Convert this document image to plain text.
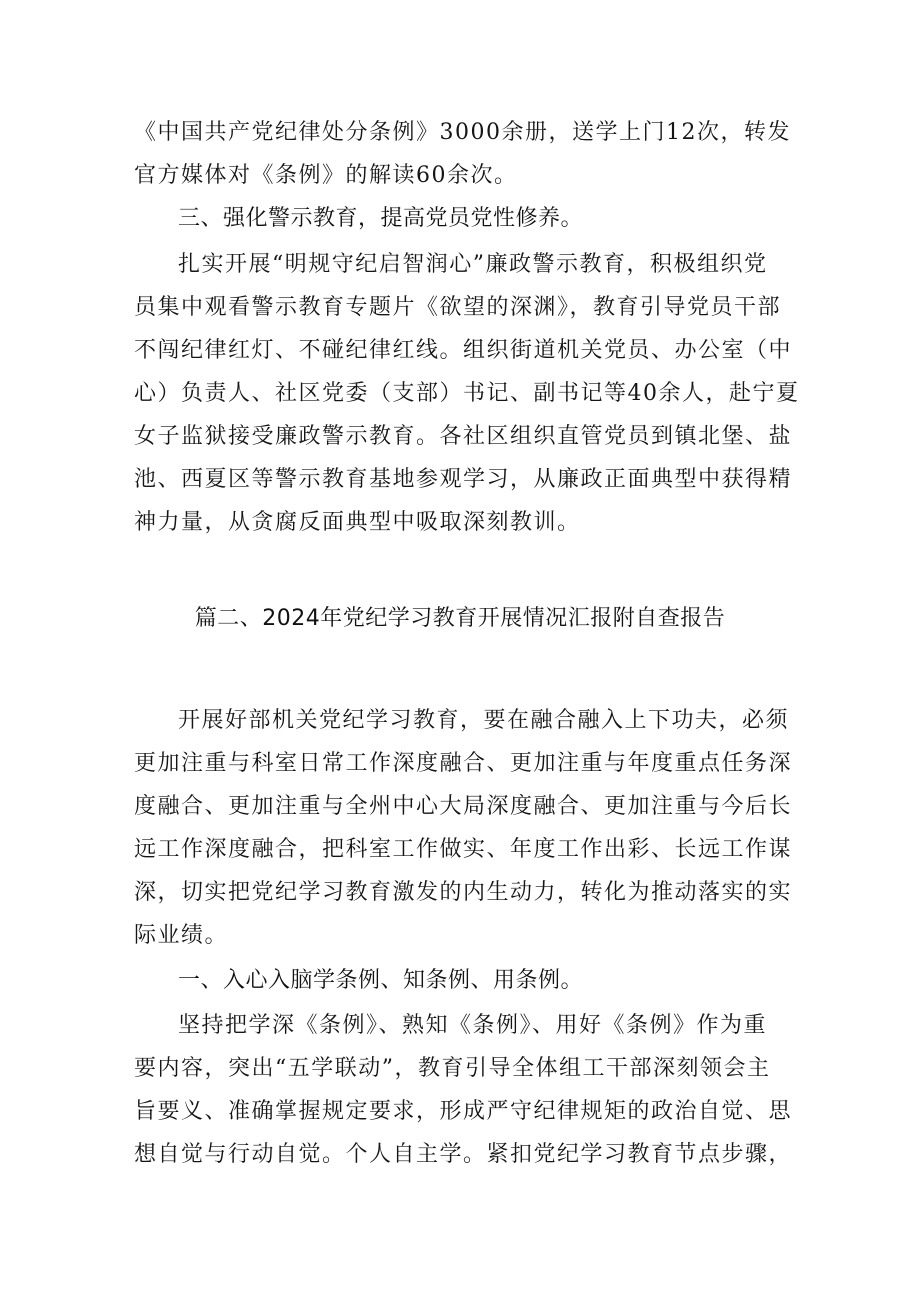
《中国共产党纪律处分条例》3000余册，送学上门12次，转发
官方媒体对《条例》的解读60余次。
三、强化警示教育，提高党员党性修养。
扎实开展“明规守纪启智润心”廉政警示教育，积极组织党
员集中观看警示教育专题片《欲望的深渊》，教育引导党员干部
不闯纪律红灯、不碰纪律红线。组织街道机关党员、办公室（中
心）负责人、社区党委（支部）书记、副书记等40余人，赴宁夏
女子监狱接受廉政警示教育。各社区组织直管党员到镇北堡、盐
池、西夏区等警示教育基地参观学习，从廉政正面典型中获得精
神力量，从贪腐反面典型中吸取深刻教训。
篇二、2024年党纪学习教育开展情况汇报附自查报告
开展好部机关党纪学习教育，要在融合融入上下功夫，必须
更加注重与科室日常工作深度融合、更加注重与年度重点任务深
度融合、更加注重与全州中心大局深度融合、更加注重与今后长
远工作深度融合，把科室工作做实、年度工作出彩、长远工作谋
深，切实把党纪学习教育激发的内生动力，转化为推动落实的实
际业绩。
一、入心入脑学条例、知条例、用条例。
坚持把学深《条例》、熟知《条例》、用好《条例》作为重
要内容，突出“五学联动”，教育引导全体组工干部深刻领会主
旨要义、准确掌握规定要求，形成严守纪律规矩的政治自觉、思
想自觉与行动自觉。个人自主学。紧扣党纪学习教育节点步骤，
